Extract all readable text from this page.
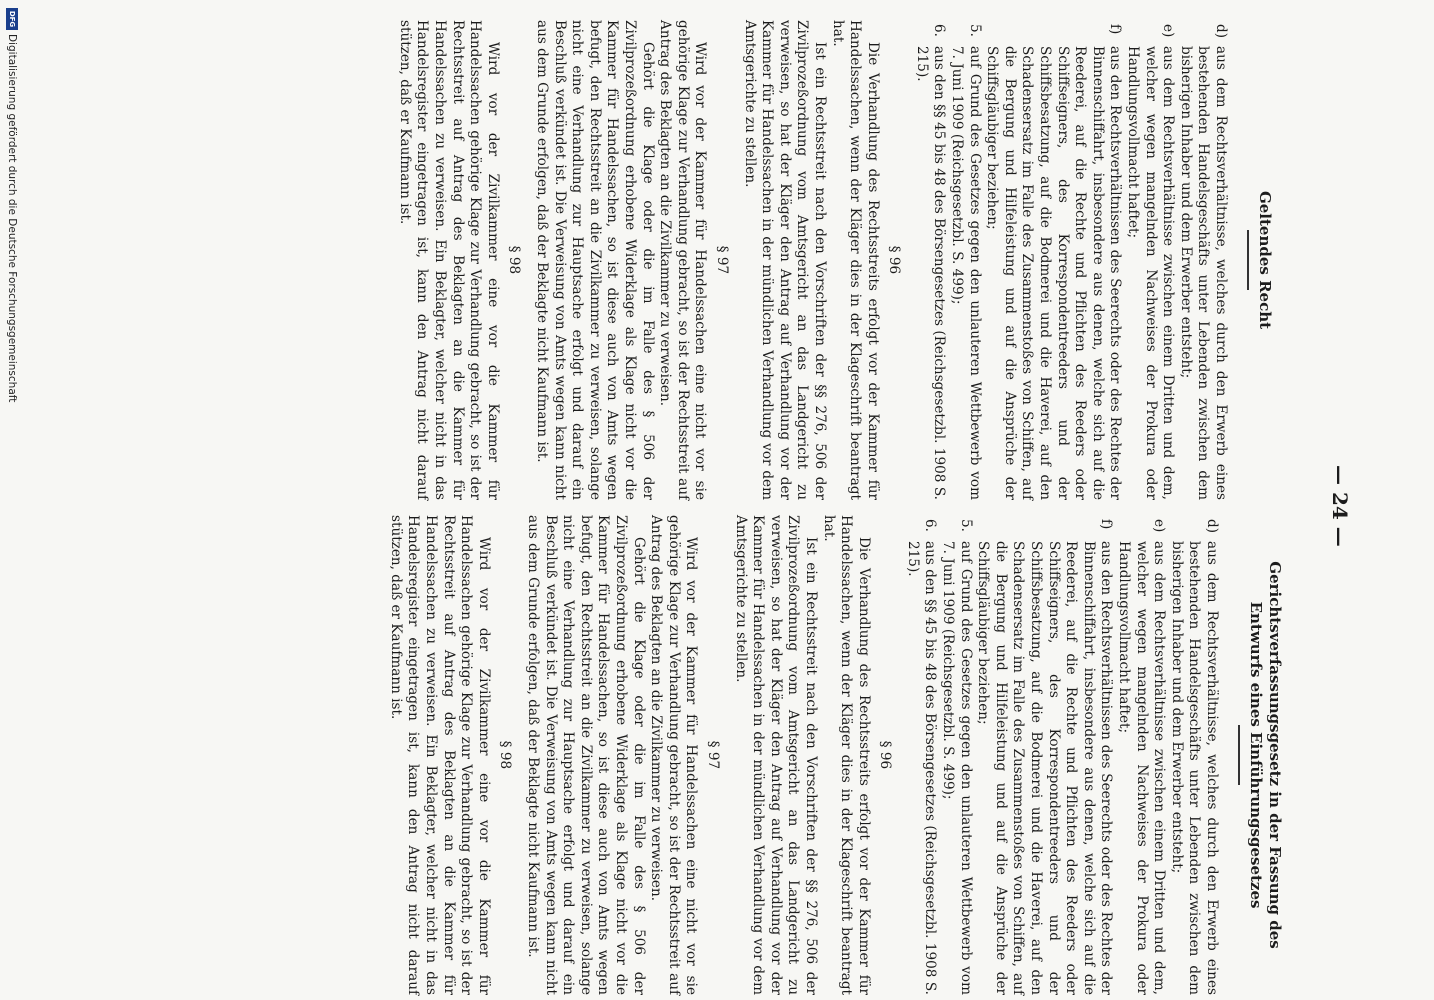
— 24 —
Geltendes Recht
d)

aus dem Rechtsverhältnisse, welches durch den Erwerb eines bestehenden Handelsgeschäfts unter Lebenden zwischen dem bisherigen Inhaber und dem Erwerber entsteht;

e)

aus dem Rechtsverhältnisse zwischen einem Dritten und dem, welcher wegen mangelnden Nachweises der Prokura oder Handlungsvollmacht haftet;

f)

aus den Rechtsverhältnissen des Seerechts oder des Rechtes der Binnenschiffahrt, insbesondere aus denen, welche sich auf die Reederei, auf die Rechte und Pflichten des Reeders oder Schiffseigners, des Korrespondentreeders und der Schiffsbesatzung, auf die Bodmerei und die Haverei, auf den Schadensersatz im Falle des Zusammenstoßes von Schiffen, auf die Bergung und Hilfeleistung und auf die Ansprüche der Schiffsgläubiger beziehen;

5.

auf Grund des Gesetzes gegen den unlauteren Wettbewerb vom 7. Juni 1909 (Reichsgesetzbl. S. 499);

6.

aus den §§ 45 bis 48 des Börsengesetzes (Reichsgesetzbl. 1908 S. 215).

§ 96

Die Verhandlung des Rechtsstreits erfolgt vor der Kammer für Handelssachen, wenn der Kläger dies in der Klageschrift beantragt hat.

Ist ein Rechtsstreit nach den Vorschriften der §§ 276, 506 der Zivilprozeßordnung vom Amtsgericht an das Landgericht zu verweisen, so hat der Kläger den Antrag auf Verhandlung vor der Kammer für Handelssachen in der mündlichen Verhandlung vor dem Amtsgerichte zu stellen.

§ 97

Wird vor der Kammer für Handelssachen eine nicht vor sie gehörige Klage zur Verhandlung gebracht, so ist der Rechtsstreit auf Antrag des Beklagten an die Zivilkammer zu verweisen.

Gehört die Klage oder die im Falle des § 506 der Zivilprozeßordnung erhobene Widerklage als Klage nicht vor die Kammer für Handelssachen, so ist diese auch von Amts wegen befugt, den Rechtsstreit an die Zivilkammer zu verweisen, solange nicht eine Verhandlung zur Hauptsache erfolgt und darauf ein Beschluß verkündet ist. Die Verweisung von Amts wegen kann nicht aus dem Grunde erfolgen, daß der Beklagte nicht Kaufmann ist.

§ 98

Wird vor der Zivilkammer eine vor die Kammer für Handelssachen gehörige Klage zur Verhandlung gebracht, so ist der Rechtsstreit auf Antrag des Beklagten an die Kammer für Handelssachen zu verweisen. Ein Beklagter, welcher nicht in das Handelsregister eingetragen ist, kann den Antrag nicht darauf stützen, daß er Kaufmann ist.

Gerichtsverfassungsgesetz in der Fassung des
Entwurfs eines Einführungsgesetzes
d)

aus dem Rechtsverhältnisse, welches durch den Erwerb eines bestehenden Handelsgeschäfts unter Lebenden zwischen dem bisherigen Inhaber und dem Erwerber entsteht;

e)

aus dem Rechtsverhältnisse zwischen einem Dritten und dem, welcher wegen mangelnden Nachweises der Prokura oder Handlungsvollmacht haftet;

f)

aus den Rechtsverhältnissen des Seerechts oder des Rechtes der Binnenschiffahrt, insbesondere aus denen, welche sich auf die Reederei, auf die Rechte und Pflichten des Reeders oder Schiffseigners, des Korrespondentreeders und der Schiffsbesatzung, auf die Bodmerei und die Haverei, auf den Schadensersatz im Falle des Zusammenstoßes von Schiffen, auf die Bergung und Hilfeleistung und auf die Ansprüche der Schiffsgläubiger beziehen;

5.

auf Grund des Gesetzes gegen den unlauteren Wettbewerb vom 7. Juni 1909 (Reichsgesetzbl. S. 499);

6.

aus den §§ 45 bis 48 des Börsengesetzes (Reichsgesetzbl. 1908 S. 215).

§ 96

Die Verhandlung des Rechtsstreits erfolgt vor der Kammer für Handelssachen, wenn der Kläger dies in der Klageschrift beantragt hat.

Ist ein Rechtsstreit nach den Vorschriften der §§ 276, 506 der Zivilprozeßordnung vom Amtsgericht an das Landgericht zu verweisen, so hat der Kläger den Antrag auf Verhandlung vor der Kammer für Handelssachen in der mündlichen Verhandlung vor dem Amtsgerichte zu stellen.

§ 97

Wird vor der Kammer für Handelssachen eine nicht vor sie gehörige Klage zur Verhandlung gebracht, so ist der Rechtsstreit auf Antrag des Beklagten an die Zivilkammer zu verweisen.

Gehört die Klage oder die im Falle des § 506 der Zivilprozeßordnung erhobene Widerklage als Klage nicht vor die Kammer für Handelssachen, so ist diese auch von Amts wegen befugt, den Rechtsstreit an die Zivilkammer zu verweisen, solange nicht eine Verhandlung zur Hauptsache erfolgt und darauf ein Beschluß verkündet ist. Die Verweisung von Amts wegen kann nicht aus dem Grunde erfolgen, daß der Beklagte nicht Kaufmann ist.

§ 98

Wird vor der Zivilkammer eine vor die Kammer für Handelssachen gehörige Klage zur Verhandlung gebracht, so ist der Rechtsstreit auf Antrag des Beklagten an die Kammer für Handelssachen zu verweisen. Ein Beklagter, welcher nicht in das Handelsregister eingetragen ist, kann den Antrag nicht darauf stützen, daß er Kaufmann ist.

DFGDigitalisierung gefördert durch die Deutsche Forschungsgemeinschaft
